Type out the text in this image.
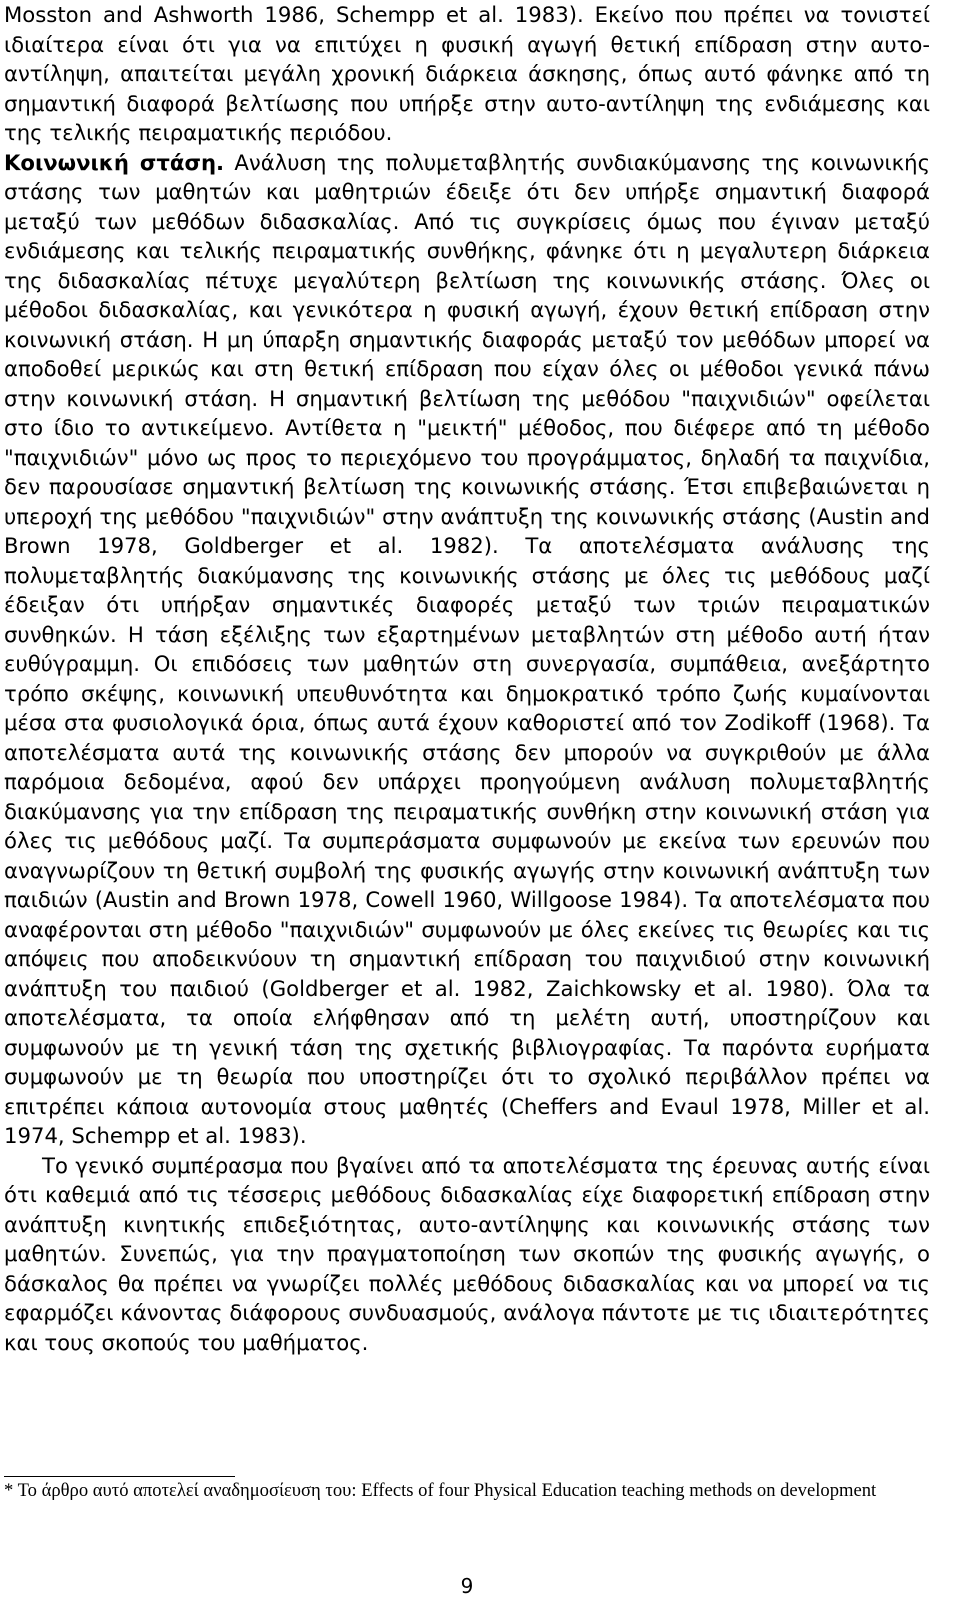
Mosston and Ashworth 1986, Schempp et al. 1983). Εκείνο που πρέπει να τονιστεί ιδιαίτερα είναι ότι για να επιτύχει η φυσική αγωγή θετική επίδραση στην αυτο-αντίληψη, απαιτείται μεγάλη χρονική διάρκεια άσκησης, όπως αυτό φάνηκε από τη σημαντική διαφορά βελτίωσης που υπήρξε στην αυτο-αντίληψη της ενδιάμεσης και της τελικής πειραματικής περιόδου.

Κοινωνική στάση. Ανάλυση της πολυμεταβλητής συνδιακύμανσης της κοινωνικής στάσης των μαθητών και μαθητριών έδειξε ότι δεν υπήρξε σημαντική διαφορά μεταξύ των μεθόδων διδασκαλίας. Από τις συγκρίσεις όμως που έγιναν μεταξύ ενδιάμεσης και τελικής πειραματικής συνθήκης, φάνηκε ότι η μεγαλυτερη διάρκεια της διδασκαλίας πέτυχε μεγαλύτερη βελτίωση της κοινωνικής στάσης. Όλες οι μέθοδοι διδασκαλίας, και γενικότερα η φυσική αγωγή, έχουν θετική επίδραση στην κοινωνική στάση. Η μη ύπαρξη σημαντικής διαφοράς μεταξύ τον μεθόδων μπορεί να αποδοθεί μερικώς και στη θετική επίδραση που είχαν όλες οι μέθοδοι γενικά πάνω στην κοινωνική στάση. Η σημαντική βελτίωση της μεθόδου "παιχνιδιών" οφείλεται στο ίδιο το αντικείμενο. Αντίθετα η "μεικτή" μέθοδος, που διέφερε από τη μέθοδο "παιχνιδιών" μόνο ως προς το περιεχόμενο του προγράμματος, δηλαδή τα παιχνίδια, δεν παρουσίασε σημαντική βελτίωση της κοινωνικής στάσης. Έτσι επιβεβαιώνεται η υπεροχή της μεθόδου "παιχνιδιών" στην ανάπτυξη της κοινωνικής στάσης (Austin and Brown 1978, Goldberger et al. 1982). Τα αποτελέσματα ανάλυσης της πολυμεταβλητής διακύμανσης της κοινωνικής στάσης με όλες τις μεθόδους μαζί έδειξαν ότι υπήρξαν σημαντικές διαφορές μεταξύ των τριών πειραματικών συνθηκών. Η τάση εξέλιξης των εξαρτημένων μεταβλητών στη μέθοδο αυτή ήταν ευθύγραμμη. Οι επιδόσεις των μαθητών στη συνεργασία, συμπάθεια, ανεξάρτητο τρόπο σκέψης, κοινωνική υπευθυνότητα και δημοκρατικό τρόπο ζωής κυμαίνονται μέσα στα φυσιολογικά όρια, όπως αυτά έχουν καθοριστεί από τον Zodikoff (1968). Τα αποτελέσματα αυτά της κοινωνικής στάσης δεν μπορούν να συγκριθούν με άλλα παρόμοια δεδομένα, αφού δεν υπάρχει προηγούμενη ανάλυση πολυμεταβλητής διακύμανσης για την επίδραση της πειραματικής συνθήκη στην κοινωνική στάση για όλες τις μεθόδους μαζί. Τα συμπεράσματα συμφωνούν με εκείνα των ερευνών που αναγνωρίζουν τη θετική συμβολή της φυσικής αγωγής στην κοινωνική ανάπτυξη των παιδιών (Austin and Brown 1978, Cowell 1960, Willgoose 1984). Τα αποτελέσματα που αναφέρονται στη μέθοδο "παιχνιδιών" συμφωνούν με όλες εκείνες τις θεωρίες και τις απόψεις που αποδεικνύουν τη σημαντική επίδραση του παιχνιδιού στην κοινωνική ανάπτυξη του παιδιού (Goldberger et al. 1982, Zaichkowsky et al. 1980). Όλα τα αποτελέσματα, τα οποία ελήφθησαν από τη μελέτη αυτή, υποστηρίζουν και συμφωνούν με τη γενική τάση της σχετικής βιβλιογραφίας. Τα παρόντα ευρήματα συμφωνούν με τη θεωρία που υποστηρίζει ότι το σχολικό περιβάλλον πρέπει να επιτρέπει κάποια αυτονομία στους μαθητές (Cheffers and Evaul 1978, Miller et al. 1974, Schempp et al. 1983).

Το γενικό συμπέρασμα που βγαίνει από τα αποτελέσματα της έρευνας αυτής είναι ότι καθεμιά από τις τέσσερις μεθόδους διδασκαλίας είχε διαφορετική επίδραση στην ανάπτυξη κινητικής επιδεξιότητας, αυτο-αντίληψης και κοινωνικής στάσης των μαθητών. Συνεπώς, για την πραγματοποίηση των σκοπών της φυσικής αγωγής, ο δάσκαλος θα πρέπει να γνωρίζει πολλές μεθόδους διδασκαλίας και να μπορεί να τις εφαρμόζει κάνοντας διάφορους συνδυασμούς, ανάλογα πάντοτε με τις ιδιαιτερότητες και τους σκοπούς του μαθήματος.

* Το άρθρο αυτό αποτελεί αναδημοσίευση του: Effects of four Physical Education teaching methods on development
9
